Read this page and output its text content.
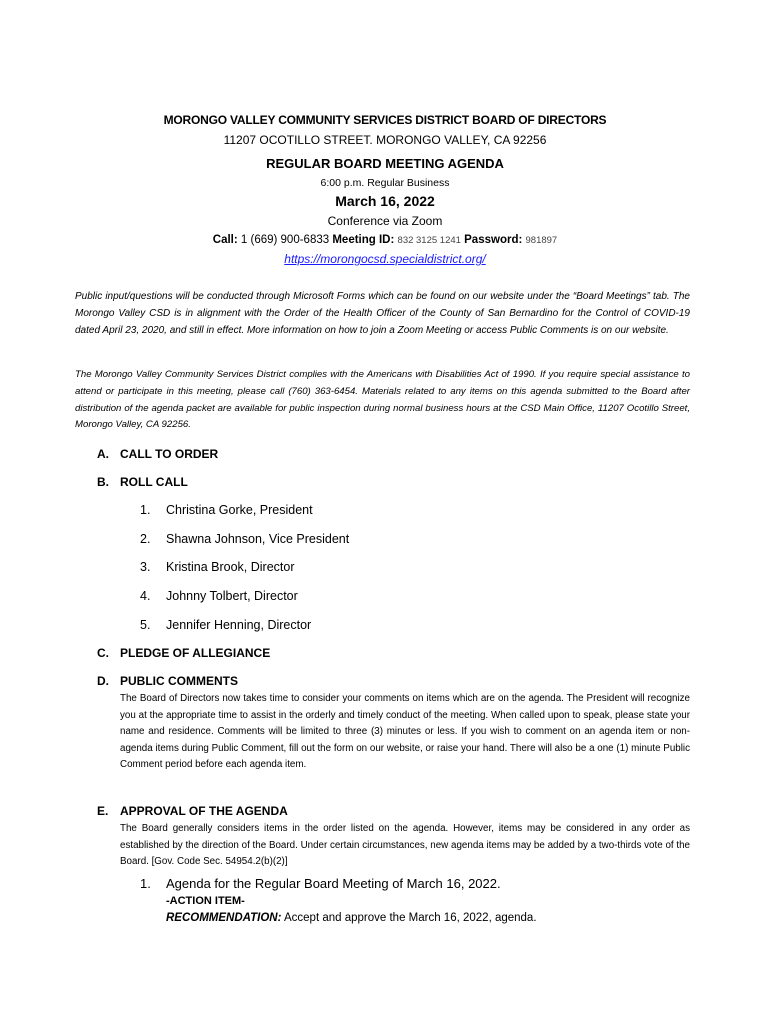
MORONGO VALLEY COMMUNITY SERVICES DISTRICT BOARD OF DIRECTORS
11207 OCOTILLO STREET. MORONGO VALLEY, CA 92256
REGULAR BOARD MEETING AGENDA
6:00 p.m. Regular Business
March 16, 2022
Conference via Zoom
Call: 1 (669) 900-6833 Meeting ID: 832 3125 1241 Password: 981897
https://morongocsd.specialdistrict.org/
Public input/questions will be conducted through Microsoft Forms which can be found on our website under the “Board Meetings” tab. The Morongo Valley CSD is in alignment with the Order of the Health Officer of the County of San Bernardino for the Control of COVID-19 dated April 23, 2020, and still in effect. More information on how to join a Zoom Meeting or access Public Comments is on our website.
The Morongo Valley Community Services District complies with the Americans with Disabilities Act of 1990. If you require special assistance to attend or participate in this meeting, please call (760) 363-6454. Materials related to any items on this agenda submitted to the Board after distribution of the agenda packet are available for public inspection during normal business hours at the CSD Main Office, 11207 Ocotillo Street, Morongo Valley, CA 92256.
A. CALL TO ORDER
B. ROLL CALL
1. Christina Gorke, President
2. Shawna Johnson, Vice President
3. Kristina Brook, Director
4. Johnny Tolbert, Director
5. Jennifer Henning, Director
C. PLEDGE OF ALLEGIANCE
D. PUBLIC COMMENTS
The Board of Directors now takes time to consider your comments on items which are on the agenda. The President will recognize you at the appropriate time to assist in the orderly and timely conduct of the meeting. When called upon to speak, please state your name and residence. Comments will be limited to three (3) minutes or less. If you wish to comment on an agenda item or non-agenda items during Public Comment, fill out the form on our website, or raise your hand. There will also be a one (1) minute Public Comment period before each agenda item.
E. APPROVAL OF THE AGENDA
The Board generally considers items in the order listed on the agenda. However, items may be considered in any order as established by the direction of the Board. Under certain circumstances, new agenda items may be added by a two-thirds vote of the Board. [Gov. Code Sec. 54954.2(b)(2)]
1. Agenda for the Regular Board Meeting of March 16, 2022.
-ACTION ITEM-
RECOMMENDATION: Accept and approve the March 16, 2022, agenda.
